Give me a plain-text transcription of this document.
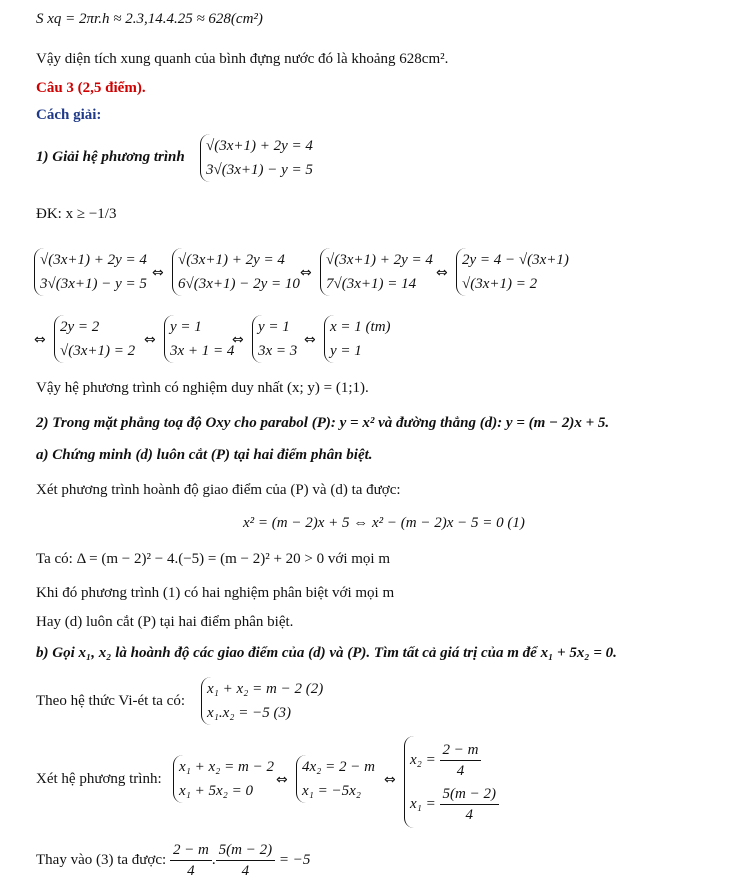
S xq = 2πr.h ≈ 2.3,14.4.25 ≈ 628(cm²)
Vậy diện tích xung quanh của bình đựng nước đó là khoảng 628cm².
Câu 3 (2,5 điểm).
Cách giải:
1) Giải hệ phương trình
√(3x+1) + 2y = 4
3√(3x+1) − y = 5
ĐK: x ≥ −1/3
√(3x+1) + 2y = 4
3√(3x+1) − y = 5
⇔
√(3x+1) + 2y = 4
6√(3x+1) − 2y = 10
⇔
√(3x+1) + 2y = 4
7√(3x+1) = 14
⇔
2y = 4 − √(3x+1)
√(3x+1) = 2
⇔
2y = 2
√(3x+1) = 2
⇔
y = 1
3x + 1 = 4
⇔
y = 1
3x = 3
⇔
x = 1 (tm)
y = 1
Vậy hệ phương trình có nghiệm duy nhất (x; y) = (1;1).
2) Trong mặt phẳng toạ độ Oxy cho parabol (P): y = x² và đường thẳng (d): y = (m − 2)x + 5.
a) Chứng minh (d) luôn cắt (P) tại hai điểm phân biệt.
Xét phương trình hoành độ giao điểm của (P) và (d) ta được:
x² = (m − 2)x + 5 ⇔ x² − (m − 2)x − 5 = 0 (1)
Ta có: Δ = (m − 2)² − 4.(−5) = (m − 2)² + 20 > 0 với mọi m
Khi đó phương trình (1) có hai nghiệm phân biệt với mọi m
Hay (d) luôn cắt (P) tại hai điểm phân biệt.
b) Gọi x₁, x₂ là hoành độ các giao điểm của (d) và (P). Tìm tất cả giá trị của m để x₁ + 5x₂ = 0.
Theo hệ thức Vi-ét ta có:
x₁ + x₂ = m − 2 (2)
x₁.x₂ = −5 (3)
Xét hệ phương trình:
x₁ + x₂ = m − 2
x₁ + 5x₂ = 0
⇔
4x₂ = 2 − m
x₁ = −5x₂
⇔
$x_2 = \frac{2 - m}{4}$
$x_1 = \frac{5(m - 2)}{4}$
Thay vào (3) ta được: $\frac{2 - m}{4}$ . $\frac{5(m - 2)}{4} = -5$
